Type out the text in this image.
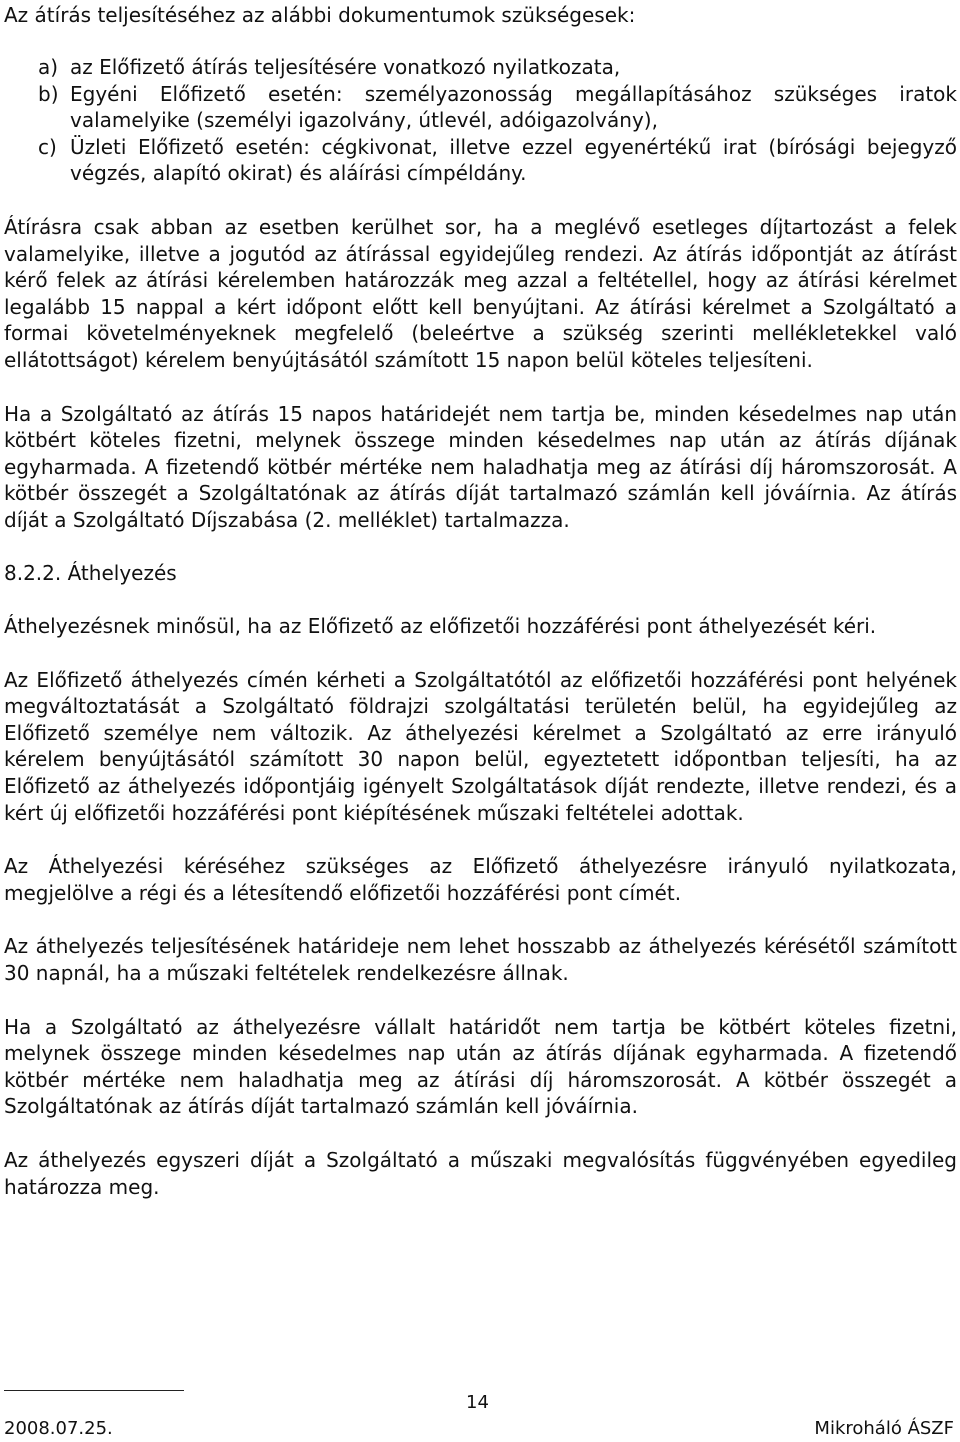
Az átírás teljesítéséhez az alábbi dokumentumok szükségesek:

a) az Előfizető átírás teljesítésére vonatkozó nyilatkozata,
b) Egyéni Előfizető esetén: személyazonosság megállapításához szükséges iratok valamelyike (személyi igazolvány, útlevél, adóigazolvány),
c) Üzleti Előfizető esetén: cégkivonat, illetve ezzel egyenértékű irat (bírósági bejegyző végzés, alapító okirat) és aláírási címpéldány.

Átírásra csak abban az esetben kerülhet sor, ha a meglévő esetleges díjtartozást a felek valamelyike, illetve a jogutód az átírással egyidejűleg rendezi. Az átírás időpontját az átírást kérő felek az átírási kérelemben határozzák meg azzal a feltétellel, hogy az átírási kérelmet legalább 15 nappal a kért időpont előtt kell benyújtani. Az átírási kérelmet a Szolgáltató a formai követelményeknek megfelelő (beleértve a szükség szerinti mellékletekkel való ellátottságot) kérelem benyújtásától számított 15 napon belül köteles teljesíteni.

Ha a Szolgáltató az átírás 15 napos határidejét nem tartja be, minden késedelmes nap után kötbért köteles fizetni, melynek összege minden késedelmes nap után az átírás díjának egyharmada. A fizetendő kötbér mértéke nem haladhatja meg az átírási díj háromszorosát. A kötbér összegét a Szolgáltatónak az átírás díját tartalmazó számlán kell jóváírnia. Az átírás díját a Szolgáltató Díjszabása (2. melléklet) tartalmazza.

8.2.2. Áthelyezés

Áthelyezésnek minősül, ha az Előfizető az előfizetői hozzáférési pont áthelyezését kéri.

Az Előfizető áthelyezés címén kérheti a Szolgáltatótól az előfizetői hozzáférési pont helyének megváltoztatását a Szolgáltató földrajzi szolgáltatási területén belül, ha egyidejűleg az Előfizető személye nem változik. Az áthelyezési kérelmet a Szolgáltató az erre irányuló kérelem benyújtásától számított 30 napon belül, egyeztetett időpontban teljesíti, ha az Előfizető az áthelyezés időpontjáig igényelt Szolgáltatások díját rendezte, illetve rendezi, és a kért új előfizetői hozzáférési pont kiépítésének műszaki feltételei adottak.

Az Áthelyezési kéréséhez szükséges az Előfizető áthelyezésre irányuló nyilatkozata, megjelölve a régi és a létesítendő előfizetői hozzáférési pont címét.

Az áthelyezés teljesítésének határideje nem lehet hosszabb az áthelyezés kérésétől számított 30 napnál, ha a műszaki feltételek rendelkezésre állnak.

Ha a Szolgáltató az áthelyezésre vállalt határidőt nem tartja be kötbért köteles fizetni, melynek összege minden késedelmes nap után az átírás díjának egyharmada. A fizetendő kötbér mértéke nem haladhatja meg az átírási díj háromszorosát. A kötbér összegét a Szolgáltatónak az átírás díját tartalmazó számlán kell jóváírnia.

Az áthelyezés egyszeri díját a Szolgáltató a műszaki megvalósítás függvényében egyedileg határozza meg.

14
2008.07.25.	Mikroháló ÁSZF
